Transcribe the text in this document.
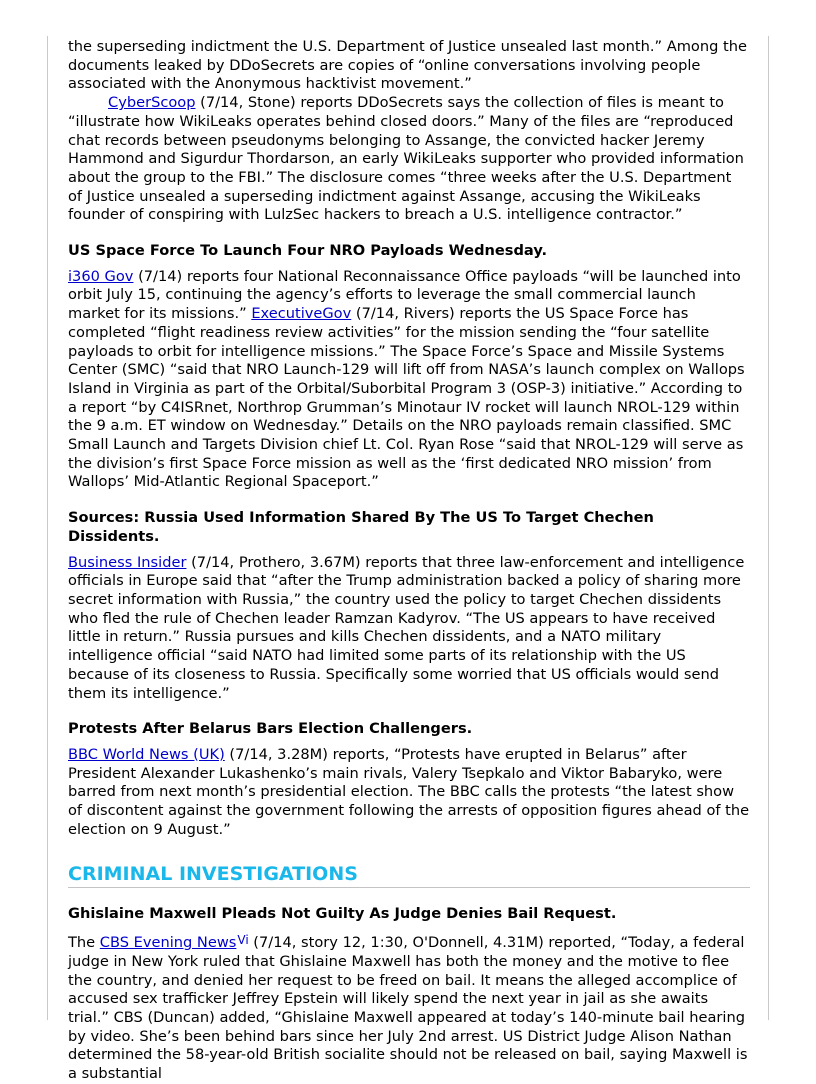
the superseding indictment the U.S. Department of Justice unsealed last month.” Among the documents leaked by DDoSecrets are copies of “online conversations involving people associated with the Anonymous hacktivist movement.”

CyberScoop (7/14, Stone) reports DDoSecrets says the collection of files is meant to “illustrate how WikiLeaks operates behind closed doors.” Many of the files are “reproduced chat records between pseudonyms belonging to Assange, the convicted hacker Jeremy Hammond and Sigurdur Thordarson, an early WikiLeaks supporter who provided information about the group to the FBI.” The disclosure comes “three weeks after the U.S. Department of Justice unsealed a superseding indictment against Assange, accusing the WikiLeaks founder of conspiring with LulzSec hackers to breach a U.S. intelligence contractor.”

US Space Force To Launch Four NRO Payloads Wednesday.

i360 Gov (7/14) reports four National Reconnaissance Office payloads “will be launched into orbit July 15, continuing the agency’s efforts to leverage the small commercial launch market for its missions.” ExecutiveGov (7/14, Rivers) reports the US Space Force has completed “flight readiness review activities” for the mission sending the “four satellite payloads to orbit for intelligence missions.” The Space Force’s Space and Missile Systems Center (SMC) “said that NRO Launch-129 will lift off from NASA’s launch complex on Wallops Island in Virginia as part of the Orbital/Suborbital Program 3 (OSP-3) initiative.” According to a report “by C4ISRnet, Northrop Grumman’s Minotaur IV rocket will launch NROL-129 within the 9 a.m. ET window on Wednesday.” Details on the NRO payloads remain classified. SMC Small Launch and Targets Division chief Lt. Col. Ryan Rose “said that NROL-129 will serve as the division’s first Space Force mission as well as the ‘first dedicated NRO mission’ from Wallops’ Mid-Atlantic Regional Spaceport.”

Sources: Russia Used Information Shared By The US To Target Chechen Dissidents.

Business Insider (7/14, Prothero, 3.67M) reports that three law-enforcement and intelligence officials in Europe said that “after the Trump administration backed a policy of sharing more secret information with Russia,” the country used the policy to target Chechen dissidents who fled the rule of Chechen leader Ramzan Kadyrov. “The US appears to have received little in return.” Russia pursues and kills Chechen dissidents, and a NATO military intelligence official “said NATO had limited some parts of its relationship with the US because of its closeness to Russia. Specifically some worried that US officials would send them its intelligence.”

Protests After Belarus Bars Election Challengers.

BBC World News (UK) (7/14, 3.28M) reports, “Protests have erupted in Belarus” after President Alexander Lukashenko’s main rivals, Valery Tsepkalo and Viktor Babaryko, were barred from next month’s presidential election. The BBC calls the protests “the latest show of discontent against the government following the arrests of opposition figures ahead of the election on 9 August.”

CRIMINAL INVESTIGATIONS
Ghislaine Maxwell Pleads Not Guilty As Judge Denies Bail Request.

The CBS Evening News$^{Vi}$ (7/14, story 12, 1:30, O'Donnell, 4.31M) reported, “Today, a federal judge in New York ruled that Ghislaine Maxwell has both the money and the motive to flee the country, and denied her request to be freed on bail. It means the alleged accomplice of accused sex trafficker Jeffrey Epstein will likely spend the next year in jail as she awaits trial.” CBS (Duncan) added, “Ghislaine Maxwell appeared at today’s 140-minute bail hearing by video. She’s been behind bars since her July 2nd arrest. US District Judge Alison Nathan determined the 58-year-old British socialite should not be released on bail, saying Maxwell is a substantial
